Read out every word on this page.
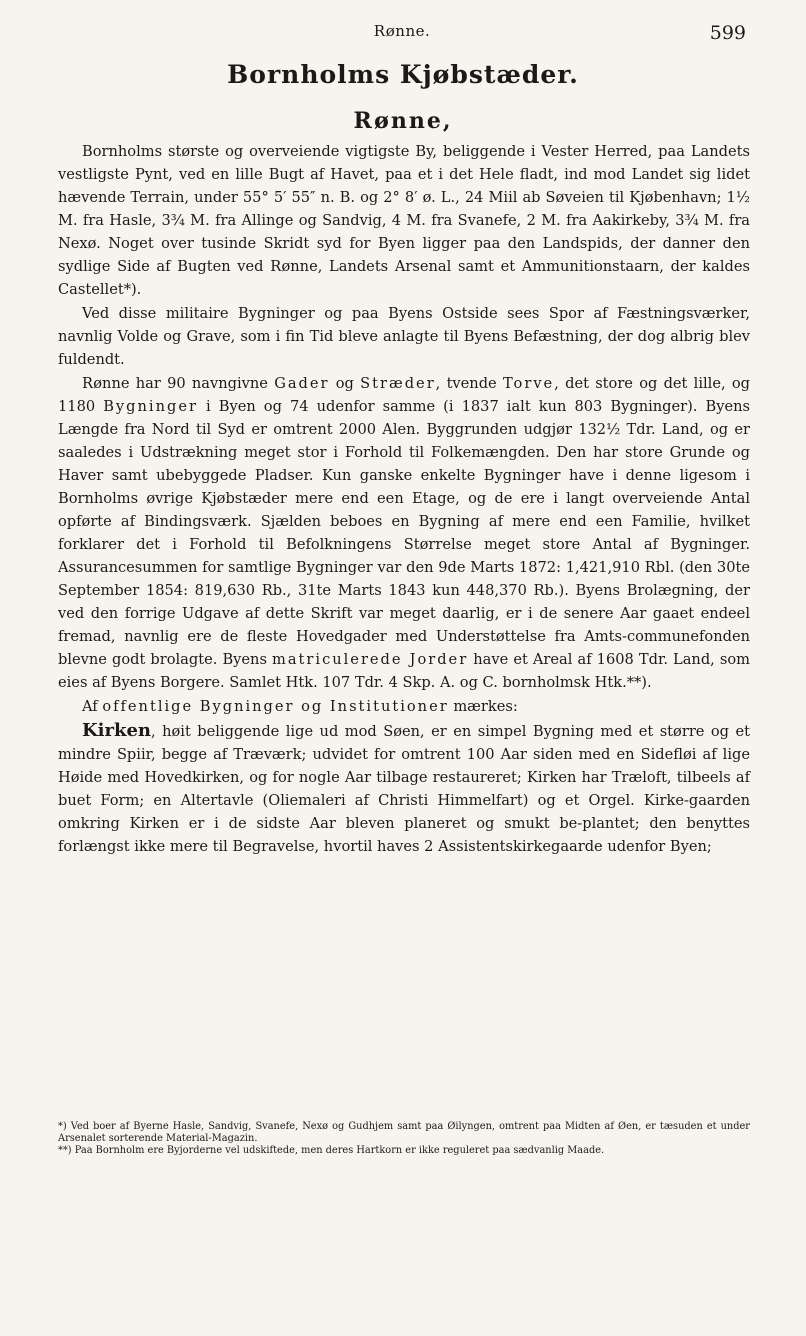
Rønne.	599
Bornholms Kjøbstæder.
Rønne,

Bornholms største og overveiende vigtigste By, beliggende i Vester Herred, paa Landets vestligste Pynt, ved en lille Bugt af Havet, paa et i det Hele fladt, ind mod Landet sig lidet hævende Terrain, under 55° 5′ 55″ n. B. og 2° 8′ ø. L., 24 Miil ab Søveien til Kjøbenhavn; 1½ M. fra Hasle, 3¾ M. fra Allinge og Sandvig, 4 M. fra Svanefe, 2 M. fra Aakirkeby, 3¾ M. fra Nexø. Noget over tusinde Skridt syd for Byen ligger paa den Landspids, der danner den sydlige Side af Bugten ved Rønne, Landets Arsenal samt et Ammunitionstaarn, der kaldes Castellet*).

Ved disse militaire Bygninger og paa Byens Ostside sees Spor af Fæstningsværker, navnlig Volde og Grave, som i fin Tid bleve anlagte til Byens Befæstning, der dog albrig blev fuldendt.

Rønne har 90 navngivne Gader og Stræder, tvende Torve, det store og det lille, og 1180 Bygninger i Byen og 74 udenfor samme (i 1837 ialt kun 803 Bygninger). Byens Længde fra Nord til Syd er omtrent 2000 Alen. Byggrunden udgjør 132½ Tdr. Land, og er saaledes i Udstrækning meget stor i Forhold til Folkemængden. Den har store Grunde og Haver samt ubebyggede Pladser. Kun ganske enkelte Bygninger have i denne ligesom i Bornholms øvrige Kjøbstæder mere end een Etage, og de ere i langt overveiende Antal opførte af Bindingsværk. Sjælden beboes en Bygning af mere end een Familie, hvilket forklarer det i Forhold til Befolkningens Størrelse meget store Antal af Bygninger. Assurancesummen for samtlige Bygninger var den 9de Marts 1872: 1,421,910 Rbl. (den 30te September 1854: 819,630 Rb., 31te Marts 1843 kun 448,370 Rb.). Byens Brolægning, der ved den forrige Udgave af dette Skrift var meget daarlig, er i de senere Aar gaaet endeel fremad, navnlig ere de fleste Hovedgader med Understøttelse fra Amts-communefonden blevne godt brolagte. Byens matriculerede Jorder have et Areal af 1608 Tdr. Land, som eies af Byens Borgere. Samlet Htk. 107 Tdr. 4 Skp. A. og C. bornholmsk Htk.**).

Af offentlige Bygninger og Institutioner mærkes:

Kirken, høit beliggende lige ud mod Søen, er en simpel Bygning med et større og et mindre Spiir, begge af Træværk; udvidet for omtrent 100 Aar siden med en Sidefløi af lige Høide med Hovedkirken, og for nogle Aar tilbage restaureret; Kirken har Træloft, tilbeels af buet Form; en Altertavle (Oliemaleri af Christi Himmelfart) og et Orgel. Kirke-gaarden omkring Kirken er i de sidste Aar bleven planeret og smukt be-plantet; den benyttes forlængst ikke mere til Begravelse, hvortil haves 2 Assistentskirkegaarde udenfor Byen;

*) Ved boer af Byerne Hasle, Sandvig, Svanefe, Nexø og Gudhjem samt paa Øilyngen, omtrent paa Midten af Øen, er tæsuden et under Arsenalet sorterende Material-Magazin.

**) Paa Bornholm ere Byjorderne vel udskiftede, men deres Hartkorn er ikke reguleret paa sædvanlig Maade.
